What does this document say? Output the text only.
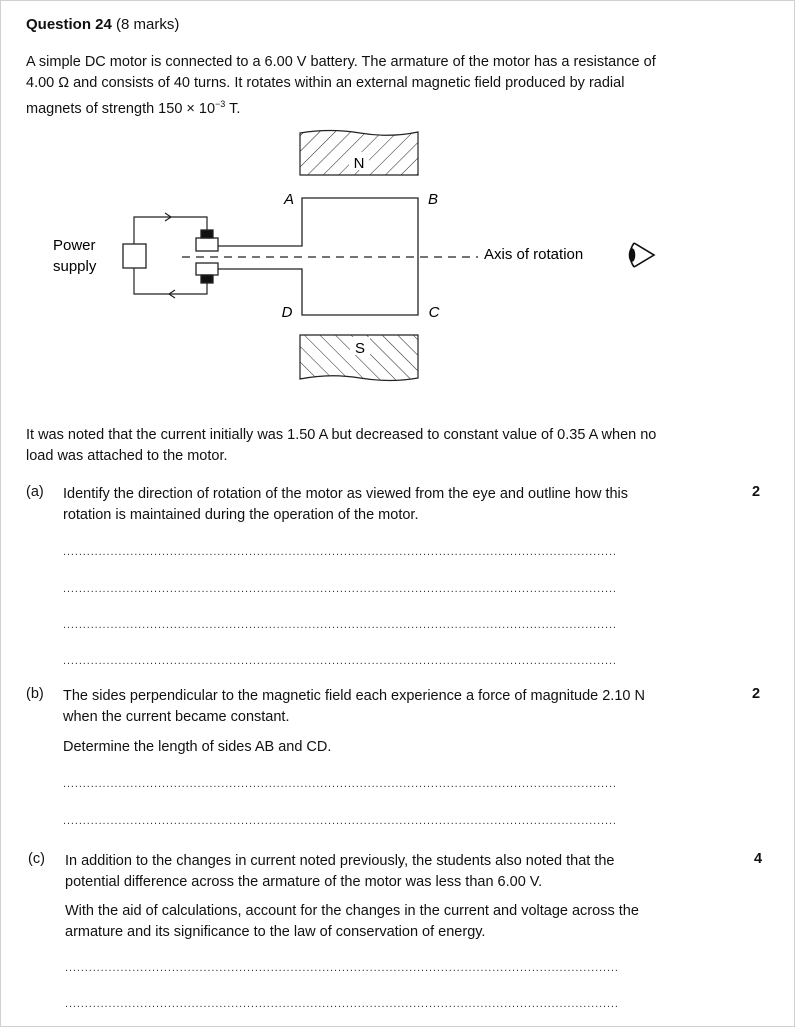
Question 24 (8 marks)
A simple DC motor is connected to a 6.00 V battery. The armature of the motor has a resistance of
4.00 Ω and consists of 40 turns. It rotates within an external magnetic field produced by radial
magnets of strength $150 \times 10^{-3}$ T.
N
S
A	B
C
D
Power
supply
Axis of rotation
It was noted that the current initially was 1.50 A but decreased to constant value of 0.35 A when no
load was attached to the motor.
(a) Identify the direction of rotation of the motor as viewed from the eye and outline how this
rotation is maintained during the operation of the motor.
2
............................................................................................................................................
............................................................................................................................................
............................................................................................................................................
............................................................................................................................................
(b) The sides perpendicular to the magnetic field each experience a force of magnitude 2.10 N
when the current became constant.
Determine the length of sides AB and CD.
2
............................................................................................................................................
............................................................................................................................................
(c) In addition to the changes in current noted previously, the students also noted that the
potential difference across the armature of the motor was less than 6.00 V.
With the aid of calculations, account for the changes in the current and voltage across the
armature and its significance to the law of conservation of energy.
4
............................................................................................................................................
............................................................................................................................................
